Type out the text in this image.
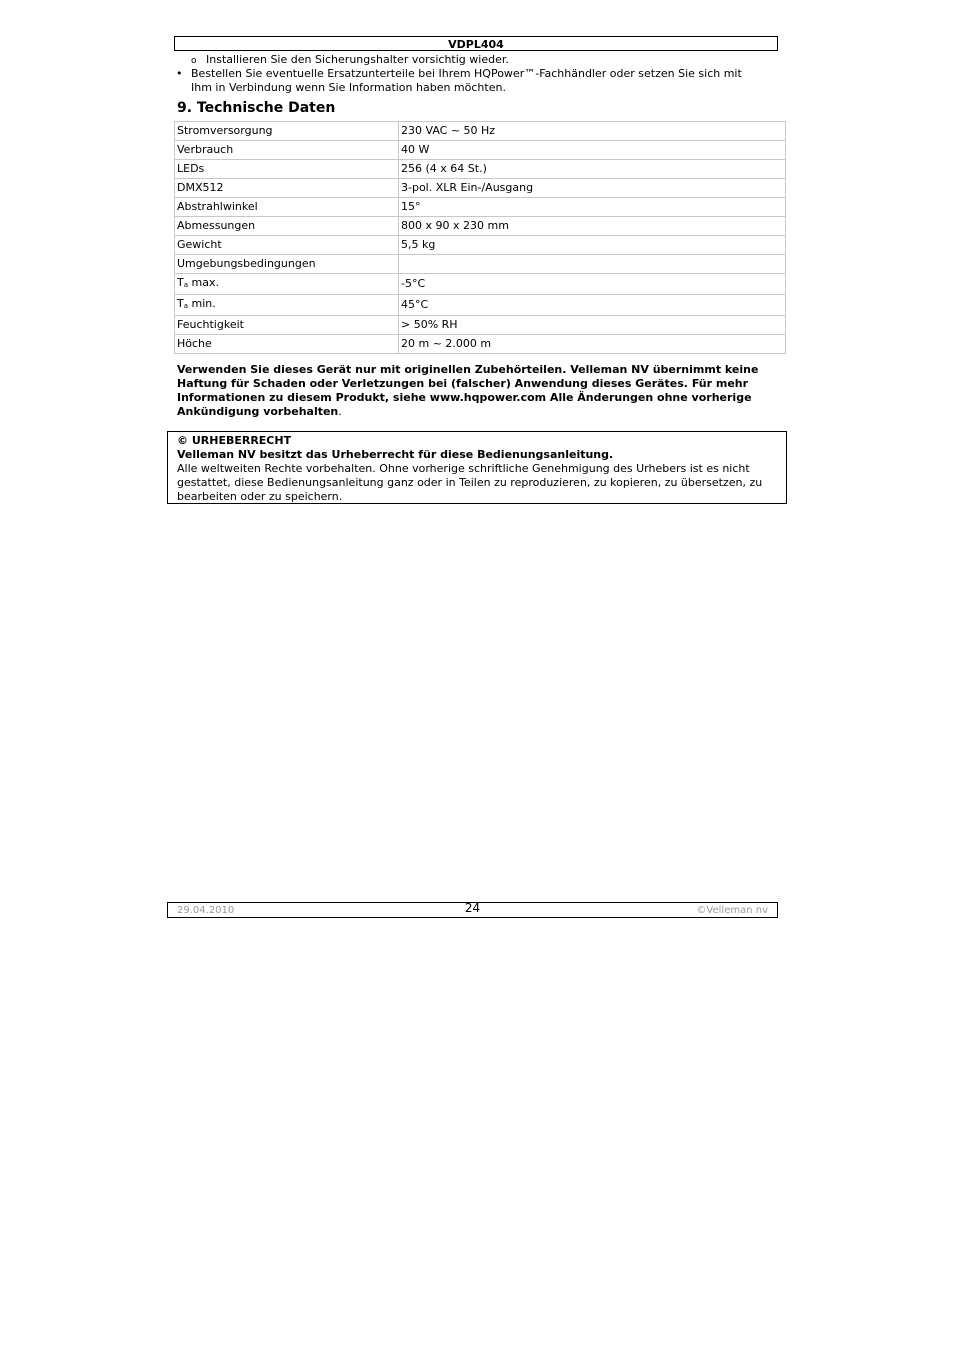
VDPL404
o Installieren Sie den Sicherungshalter vorsichtig wieder.
• Bestellen Sie eventuelle Ersatzunterteile bei Ihrem HQPower™-Fachhändler oder setzen Sie sich mit Ihm in Verbindung wenn Sie Information haben möchten.
9. Technische Daten
Stromversorgung	230 VAC ~ 50 Hz
Verbrauch	40 W
LEDs	256 (4 x 64 St.)
DMX512	3-pol. XLR Ein-/Ausgang
Abstrahlwinkel	15°
Abmessungen	800 x 90 x 230 mm
Gewicht	5,5 kg
Umgebungsbedingungen	
Ta max.	-5°C
Ta min.	45°C
Feuchtigkeit	> 50% RH
Höche	20 m ~ 2.000 m
Verwenden Sie dieses Gerät nur mit originellen Zubehörteilen. Velleman NV übernimmt keine Haftung für Schaden oder Verletzungen bei (falscher) Anwendung dieses Gerätes. Für mehr Informationen zu diesem Produkt, siehe www.hqpower.com Alle Änderungen ohne vorherige Ankündigung vorbehalten.
© URHEBERRECHT
Velleman NV besitzt das Urheberrecht für diese Bedienungsanleitung.
Alle weltweiten Rechte vorbehalten. Ohne vorherige schriftliche Genehmigung des Urhebers ist es nicht gestattet, diese Bedienungsanleitung ganz oder in Teilen zu reproduzieren, zu kopieren, zu übersetzen, zu bearbeiten oder zu speichern.
29.04.2010	24	©Velleman nv
